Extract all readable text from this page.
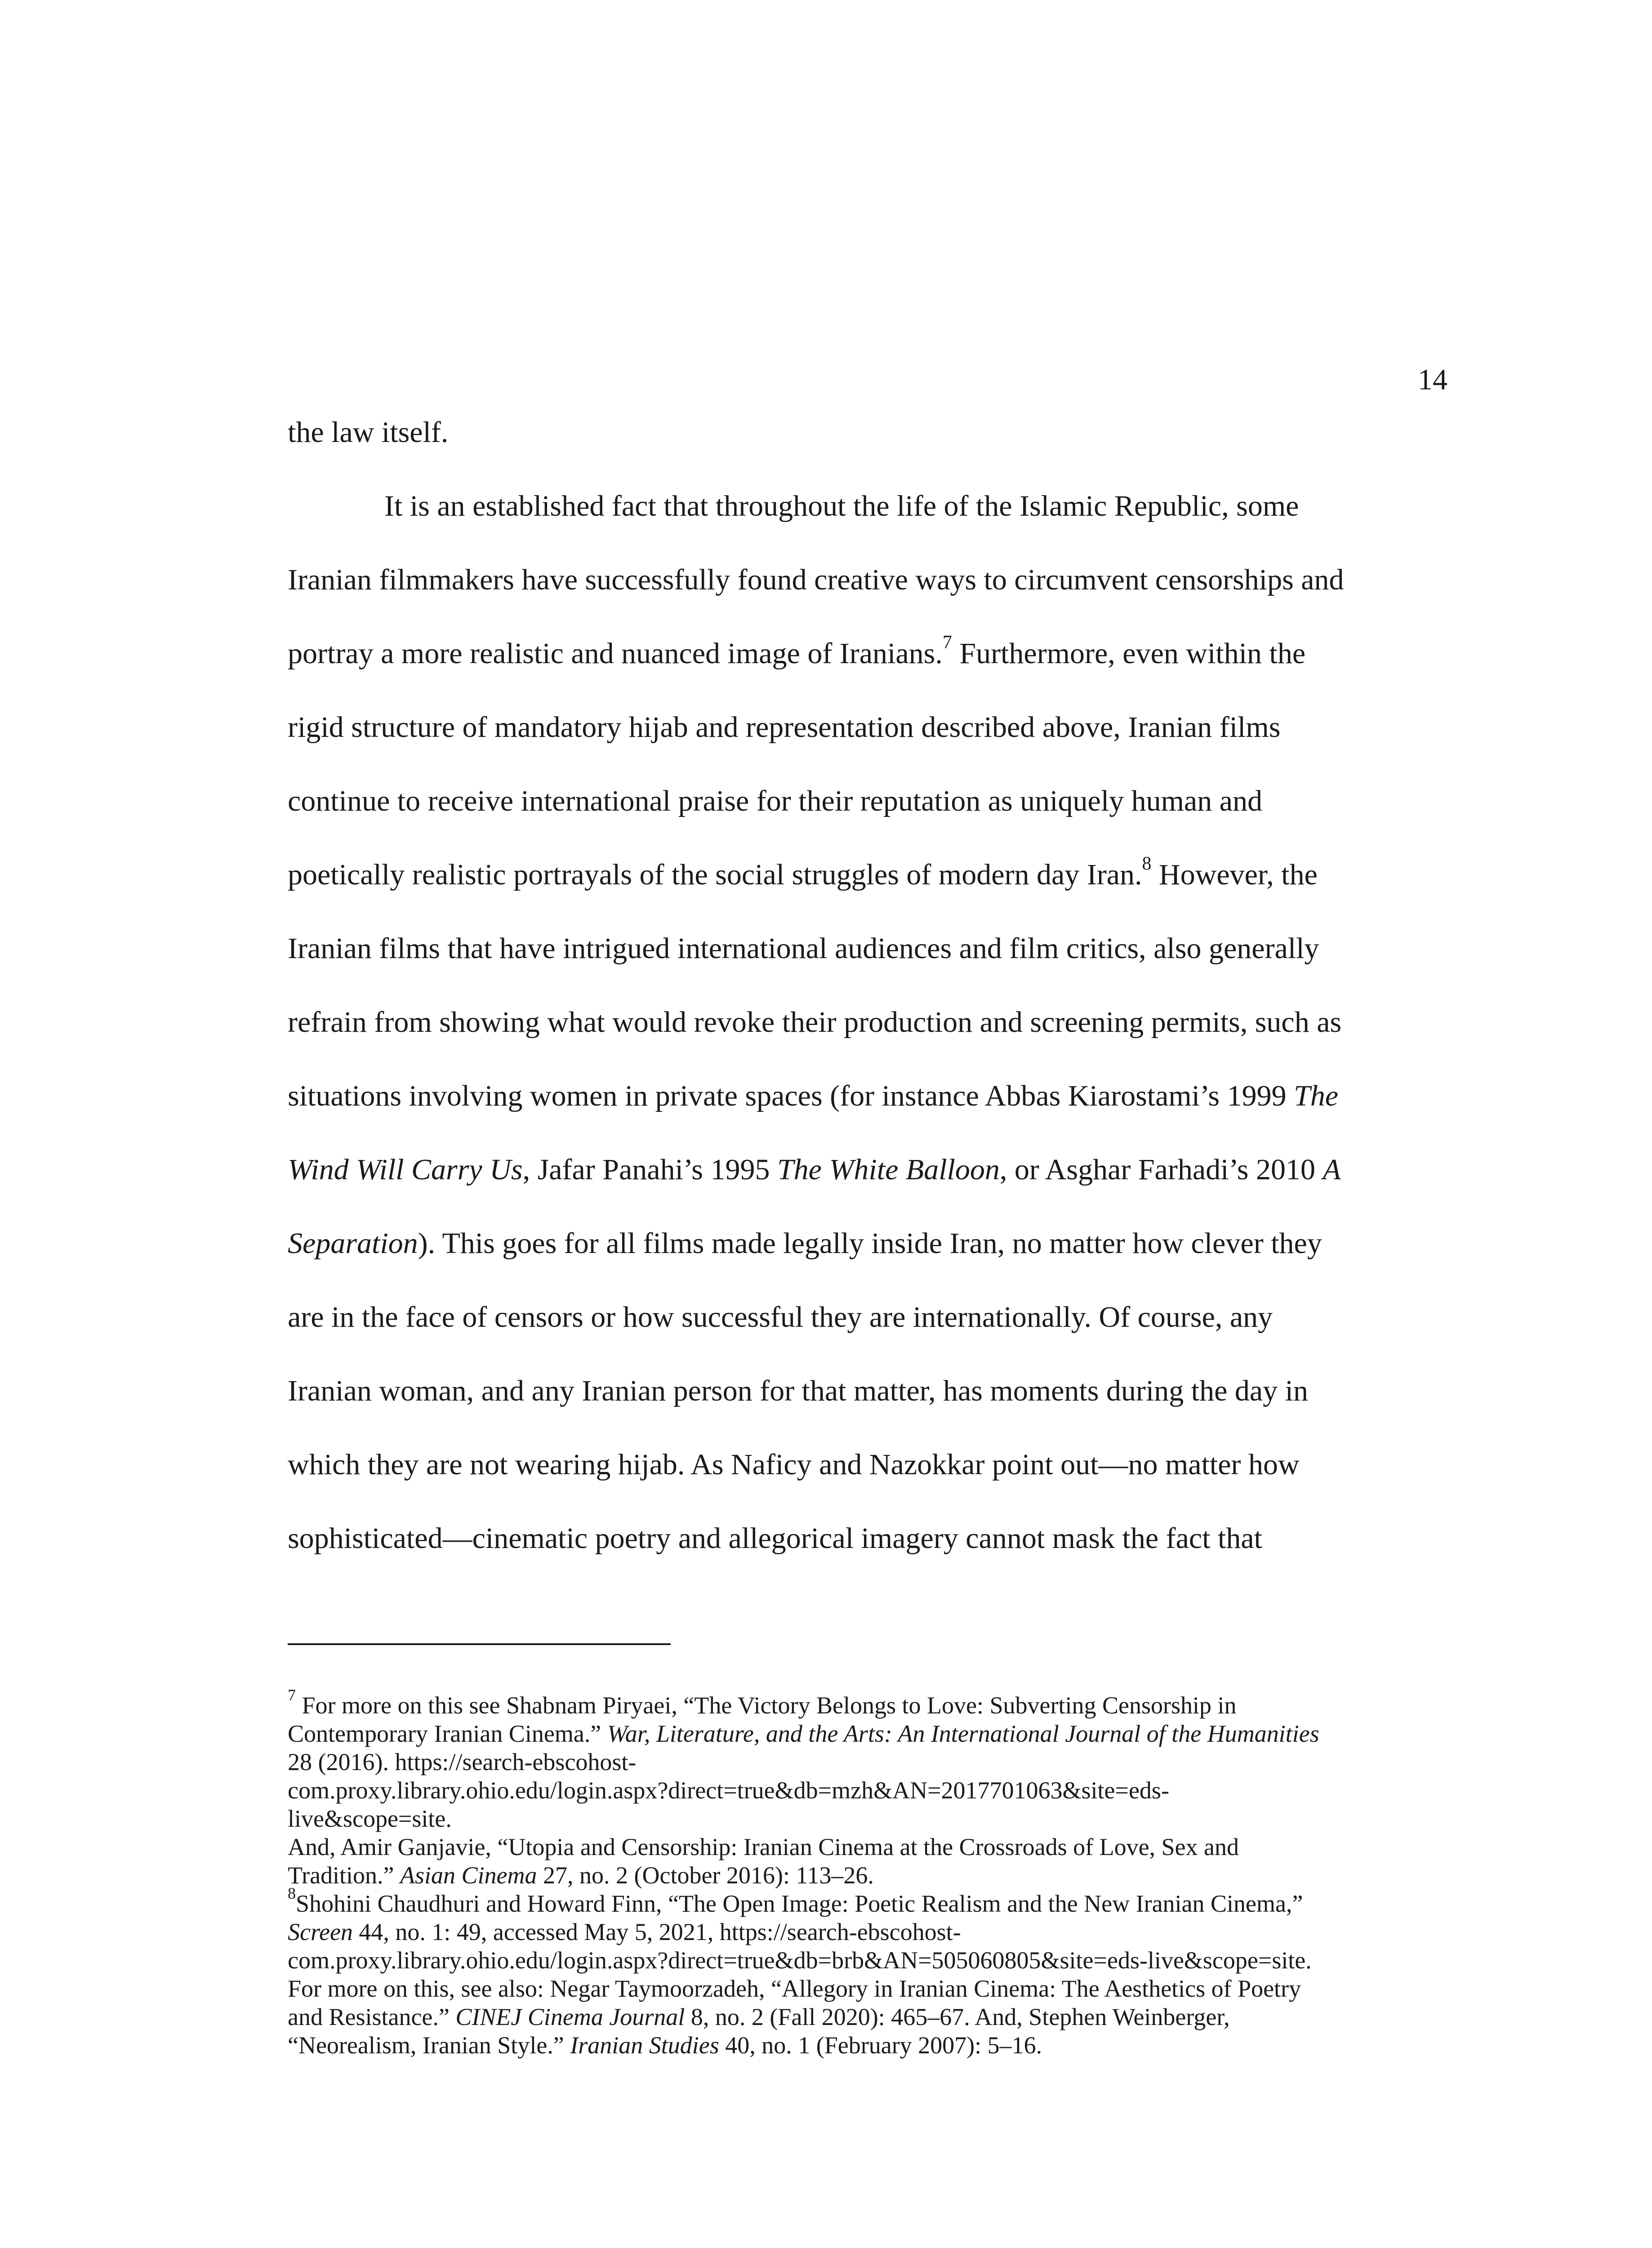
14
the law itself.
It is an established fact that throughout the life of the Islamic Republic, some
Iranian filmmakers have successfully found creative ways to circumvent censorships and
portray a more realistic and nuanced image of Iranians.$^7$ Furthermore, even within the
rigid structure of mandatory hijab and representation described above, Iranian films
continue to receive international praise for their reputation as uniquely human and
poetically realistic portrayals of the social struggles of modern day Iran.$^8$ However, the
Iranian films that have intrigued international audiences and film critics, also generally
refrain from showing what would revoke their production and screening permits, such as
situations involving women in private spaces (for instance Abbas Kiarostami’s 1999 The
Wind Will Carry Us, Jafar Panahi’s 1995 The White Balloon, or Asghar Farhadi’s 2010 A
Separation). This goes for all films made legally inside Iran, no matter how clever they
are in the face of censors or how successful they are internationally. Of course, any
Iranian woman, and any Iranian person for that matter, has moments during the day in
which they are not wearing hijab. As Naficy and Nazokkar point out—no matter how
sophisticated—cinematic poetry and allegorical imagery cannot mask the fact that
$^7$ For more on this see Shabnam Piryaei, “The Victory Belongs to Love: Subverting Censorship in
Contemporary Iranian Cinema.” War, Literature, and the Arts: An International Journal of the Humanities
28 (2016). https://search-ebscohost-
com.proxy.library.ohio.edu/login.aspx?direct=true&db=mzh&AN=2017701063&site=eds-
live&scope=site.
And, Amir Ganjavie, “Utopia and Censorship: Iranian Cinema at the Crossroads of Love, Sex and
Tradition.” Asian Cinema 27, no. 2 (October 2016): 113–26.
$^8$Shohini Chaudhuri and Howard Finn, “The Open Image: Poetic Realism and the New Iranian Cinema,”
Screen 44, no. 1: 49, accessed May 5, 2021, https://search-ebscohost-
com.proxy.library.ohio.edu/login.aspx?direct=true&db=brb&AN=505060805&site=eds-live&scope=site.
For more on this, see also: Negar Taymoorzadeh, “Allegory in Iranian Cinema: The Aesthetics of Poetry
and Resistance.” CINEJ Cinema Journal 8, no. 2 (Fall 2020): 465–67. And, Stephen Weinberger,
“Neorealism, Iranian Style.” Iranian Studies 40, no. 1 (February 2007): 5–16.
